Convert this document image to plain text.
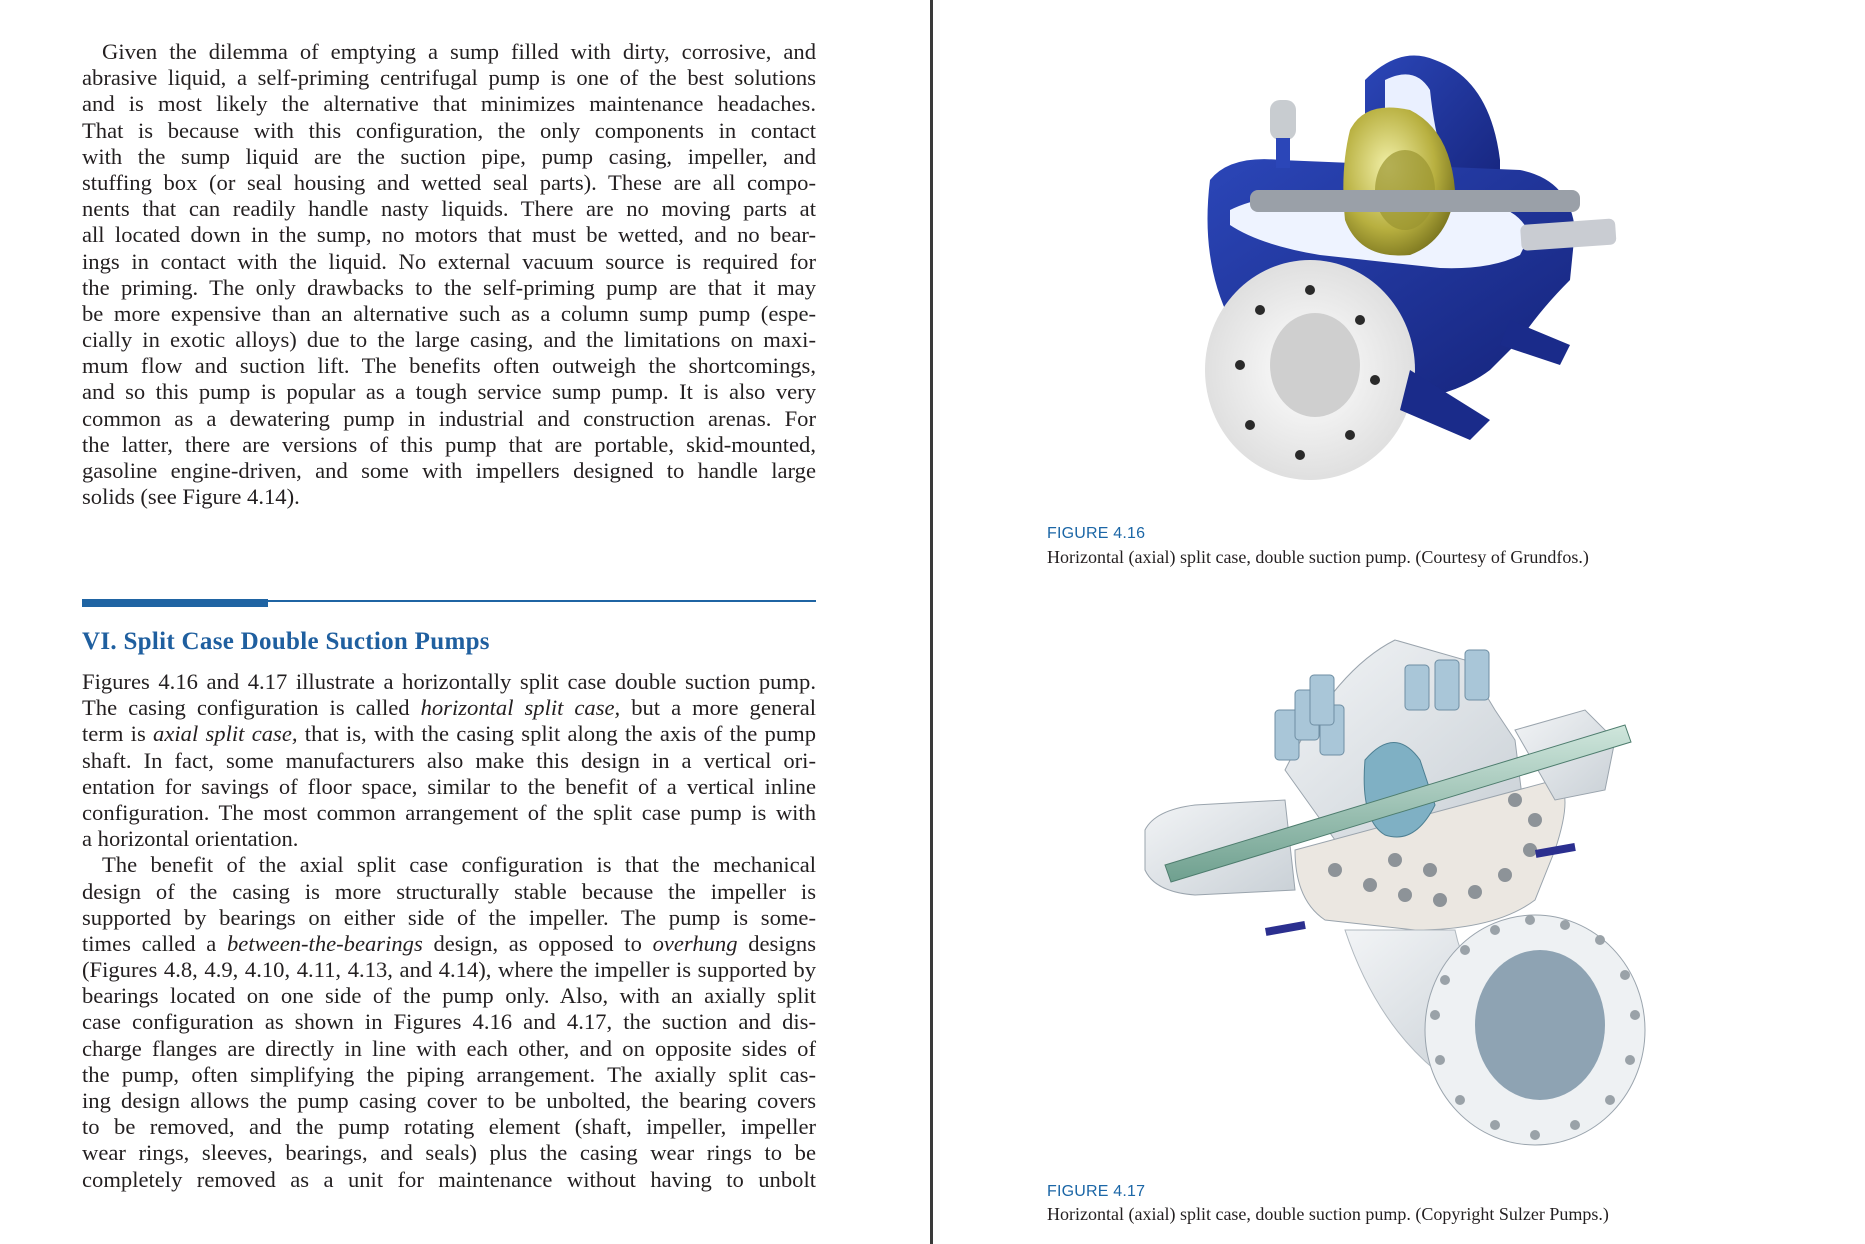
Given the dilemma of emptying a sump filled with dirty, corrosive, and
abrasive liquid, a self-priming centrifugal pump is one of the best solutions
and is most likely the alternative that minimizes maintenance headaches.
That is because with this configuration, the only components in contact
with the sump liquid are the suction pipe, pump casing, impeller, and
stuffing box (or seal housing and wetted seal parts). These are all compo-
nents that can readily handle nasty liquids. There are no moving parts at
all located down in the sump, no motors that must be wetted, and no bear-
ings in contact with the liquid. No external vacuum source is required for
the priming. The only drawbacks to the self-priming pump are that it may
be more expensive than an alternative such as a column sump pump (espe-
cially in exotic alloys) due to the large casing, and the limitations on maxi-
mum flow and suction lift. The benefits often outweigh the shortcomings,
and so this pump is popular as a tough service sump pump. It is also very
common as a dewatering pump in industrial and construction arenas. For
the latter, there are versions of this pump that are portable, skid-mounted,
gasoline engine-driven, and some with impellers designed to handle large
solids (see Figure 4.14).
VI. Split Case Double Suction Pumps
Figures 4.16 and 4.17 illustrate a horizontally split case double suction pump.
The casing configuration is called horizontal split case, but a more general
term is axial split case, that is, with the casing split along the axis of the pump
shaft. In fact, some manufacturers also make this design in a vertical ori-
entation for savings of floor space, similar to the benefit of a vertical inline
configuration. The most common arrangement of the split case pump is with
a horizontal orientation.
The benefit of the axial split case configuration is that the mechanical
design of the casing is more structurally stable because the impeller is
supported by bearings on either side of the impeller. The pump is some-
times called a between-the-bearings design, as opposed to overhung designs
(Figures 4.8, 4.9, 4.10, 4.11, 4.13, and 4.14), where the impeller is supported by
bearings located on one side of the pump only. Also, with an axially split
case configuration as shown in Figures 4.16 and 4.17, the suction and dis-
charge flanges are directly in line with each other, and on opposite sides of
the pump, often simplifying the piping arrangement. The axially split cas-
ing design allows the pump casing cover to be unbolted, the bearing covers
to be removed, and the pump rotating element (shaft, impeller, impeller
wear rings, sleeves, bearings, and seals) plus the casing wear rings to be
completely removed as a unit for maintenance without having to unbolt
FIGURE 4.16
Horizontal (axial) split case, double suction pump. (Courtesy of Grundfos.)
FIGURE 4.17
Horizontal (axial) split case, double suction pump. (Copyright Sulzer Pumps.)
